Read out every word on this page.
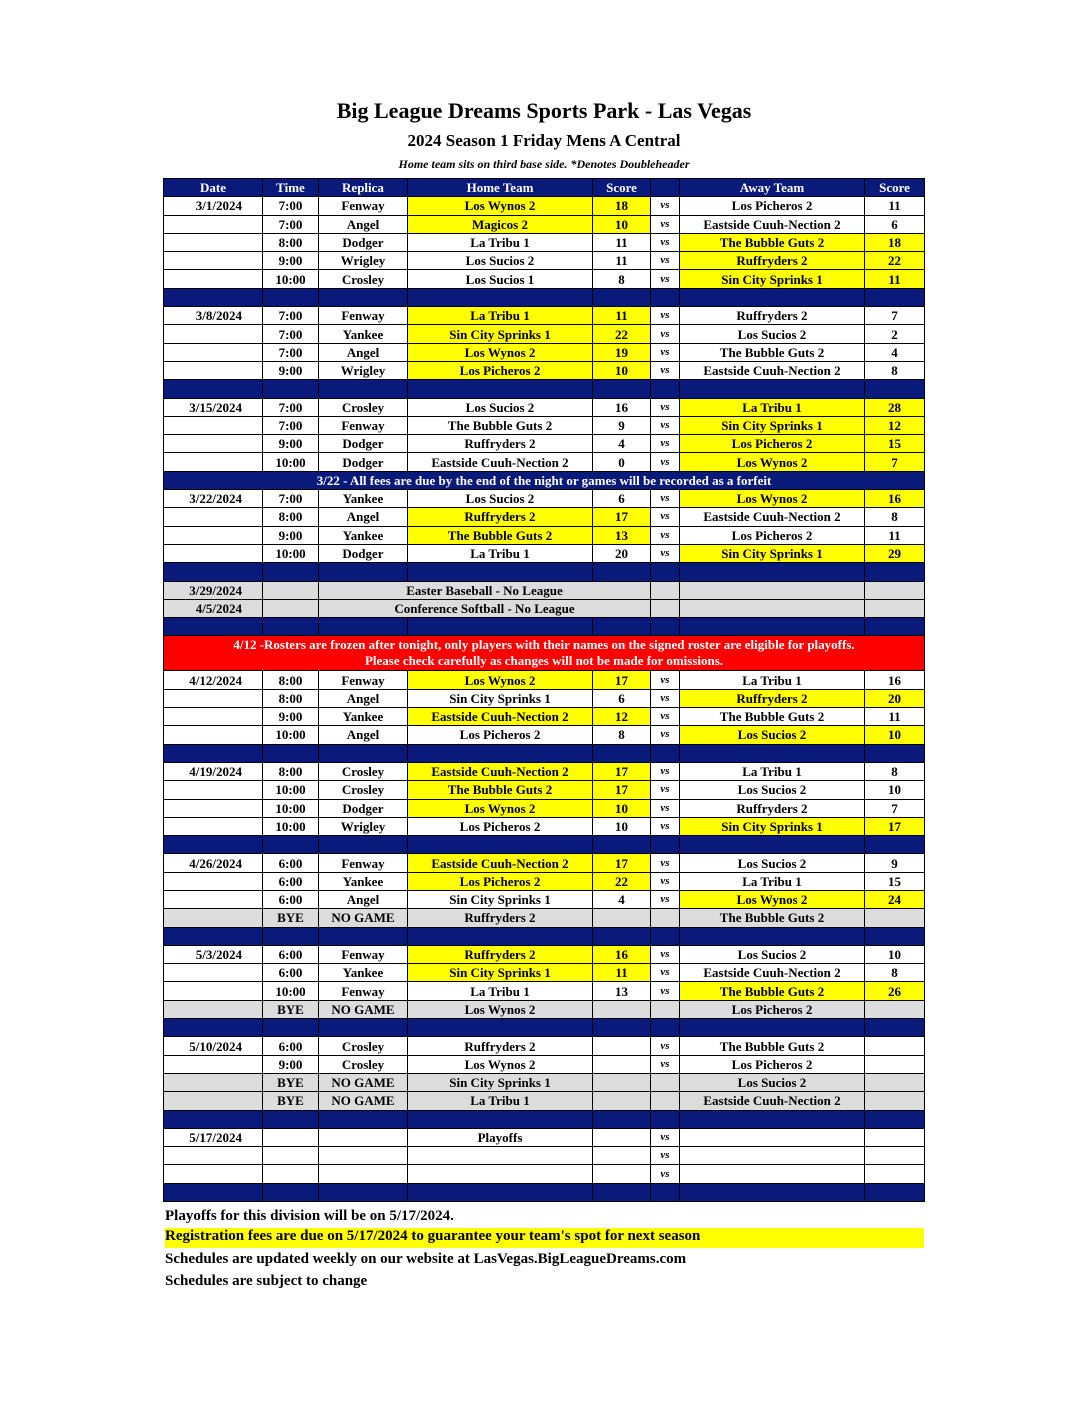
Big League Dreams Sports Park - Las Vegas
2024 Season 1 Friday Mens A Central
Home team sits on third base side. *Denotes Doubleheader
Date	Time	Replica	Home Team	Score		Away Team	Score
3/1/2024	7:00	Fenway	Los Wynos 2	18	vs	Los Picheros 2	11
	7:00	Angel	Magicos 2	10	vs	Eastside Cuuh-Nection 2	6
	8:00	Dodger	La Tribu 1	11	vs	The Bubble Guts 2	18
	9:00	Wrigley	Los Sucios 2	11	vs	Ruffryders 2	22
	10:00	Crosley	Los Sucios 1	8	vs	Sin City Sprinks 1	11

3/8/2024	7:00	Fenway	La Tribu 1	11	vs	Ruffryders 2	7
	7:00	Yankee	Sin City Sprinks 1	22	vs	Los Sucios 2	2
	7:00	Angel	Los Wynos 2	19	vs	The Bubble Guts 2	4
	9:00	Wrigley	Los Picheros 2	10	vs	Eastside Cuuh-Nection 2	8

3/15/2024	7:00	Crosley	Los Sucios 2	16	vs	La Tribu 1	28
	7:00	Fenway	The Bubble Guts 2	9	vs	Sin City Sprinks 1	12
	9:00	Dodger	Ruffryders 2	4	vs	Los Picheros 2	15
	10:00	Dodger	Eastside Cuuh-Nection 2	0	vs	Los Wynos 2	7
3/22 - All fees are due by the end of the night or games will be recorded as a forfeit							
3/22/2024	7:00	Yankee	Los Sucios 2	6	vs	Los Wynos 2	16
	8:00	Angel	Ruffryders 2	17	vs	Eastside Cuuh-Nection 2	8
	9:00	Yankee	The Bubble Guts 2	13	vs	Los Picheros 2	11
	10:00	Dodger	La Tribu 1	20	vs	Sin City Sprinks 1	29

3/29/2024		Easter Baseball - No League					
4/5/2024		Conference Softball - No League					

4/12 -Rosters are frozen after tonight, only players with their names on the signed roster are eligible for playoffs.
Please check carefully as changes will not be made for omissions.							

4/12/2024	8:00	Fenway	Los Wynos 2	17	vs	La Tribu 1	16
	8:00	Angel	Sin City Sprinks 1	6	vs	Ruffryders 2	20
	9:00	Yankee	Eastside Cuuh-Nection 2	12	vs	The Bubble Guts 2	11
	10:00	Angel	Los Picheros 2	8	vs	Los Sucios 2	10

4/19/2024	8:00	Crosley	Eastside Cuuh-Nection 2	17	vs	La Tribu 1	8
	10:00	Crosley	The Bubble Guts 2	17	vs	Los Sucios 2	10
	10:00	Dodger	Los Wynos 2	10	vs	Ruffryders 2	7
	10:00	Wrigley	Los Picheros 2	10	vs	Sin City Sprinks 1	17

4/26/2024	6:00	Fenway	Eastside Cuuh-Nection 2	17	vs	Los Sucios 2	9
	6:00	Yankee	Los Picheros 2	22	vs	La Tribu 1	15
	6:00	Angel	Sin City Sprinks 1	4	vs	Los Wynos 2	24
	BYE	NO GAME	Ruffryders 2			The Bubble Guts 2	

5/3/2024	6:00	Fenway	Ruffryders 2	16	vs	Los Sucios 2	10
	6:00	Yankee	Sin City Sprinks 1	11	vs	Eastside Cuuh-Nection 2	8
	10:00	Fenway	La Tribu 1	13	vs	The Bubble Guts 2	26
	BYE	NO GAME	Los Wynos 2			Los Picheros 2	

5/10/2024	6:00	Crosley	Ruffryders 2		vs	The Bubble Guts 2	
	9:00	Crosley	Los Wynos 2		vs	Los Picheros 2	
	BYE	NO GAME	Sin City Sprinks 1			Los Sucios 2	
	BYE	NO GAME	La Tribu 1			Eastside Cuuh-Nection 2	

5/17/2024			Playoffs		vs		
					vs		
					vs		

Playoffs for this division will be on 5/17/2024.
Registration fees are due on 5/17/2024 to guarantee your team's spot for next season
Schedules are updated weekly on our website at LasVegas.BigLeagueDreams.com
Schedules are subject to change
